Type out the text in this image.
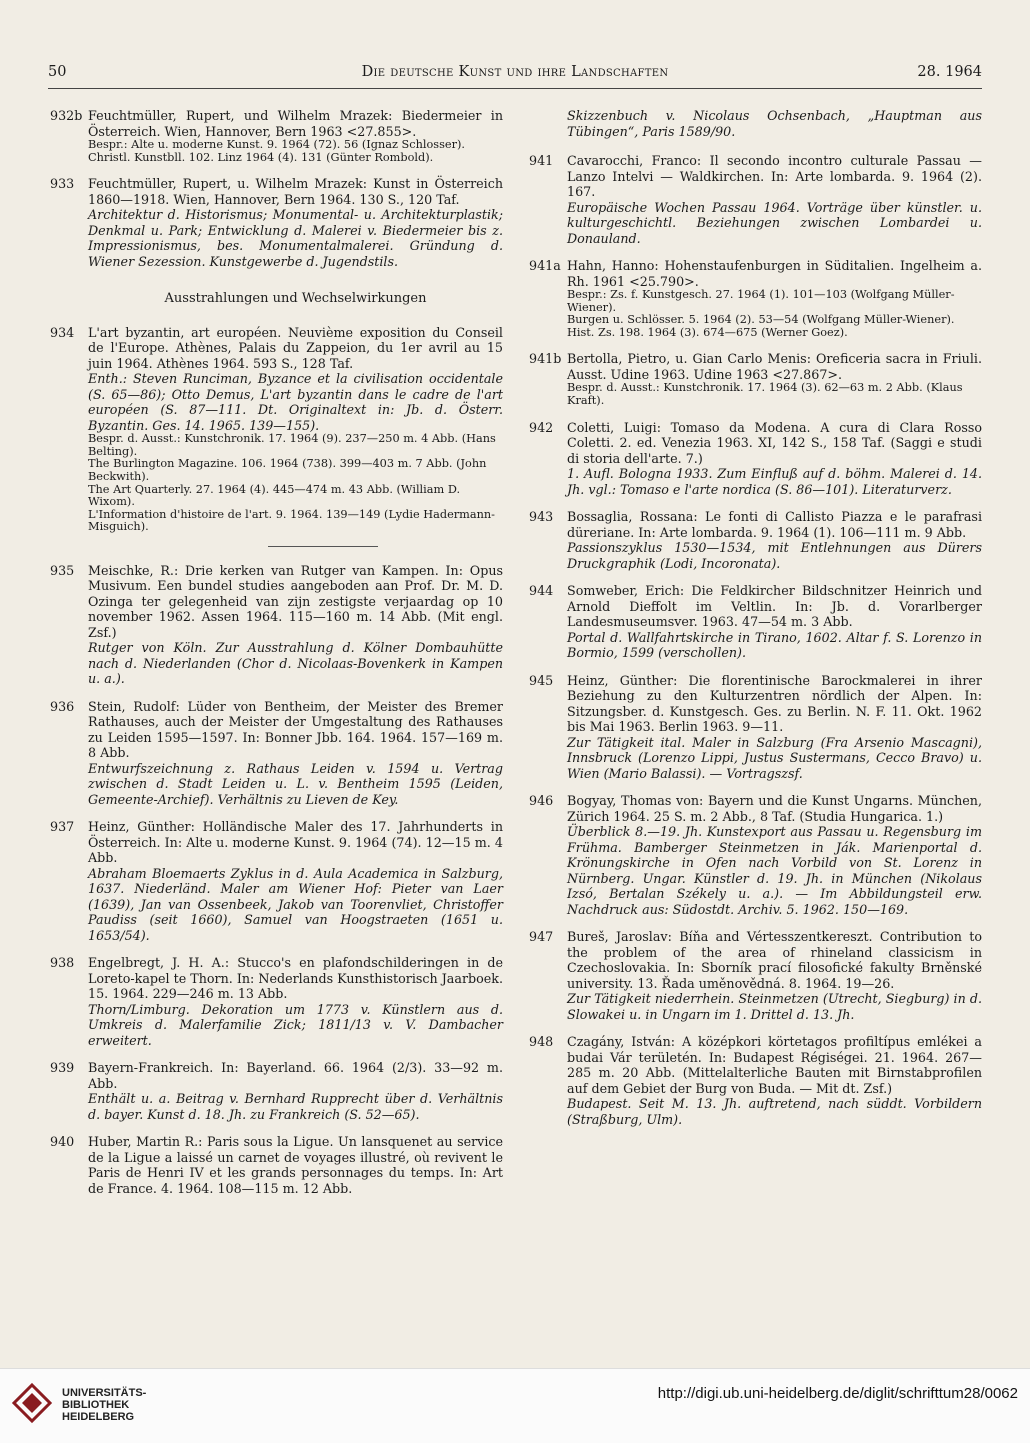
50	Die deutsche Kunst und ihre Landschaften	28. 1964
932b Feuchtmüller, Rupert, und Wilhelm Mrazek: Biedermeier in Österreich. Wien, Hannover, Bern 1963 <27.855>.
Bespr.: Alte u. moderne Kunst. 9. 1964 (72). 56 (Ignaz Schlosser).
Christl. Kunstbll. 102. Linz 1964 (4). 131 (Günter Rombold).
933	Feuchtmüller, Rupert, u. Wilhelm Mrazek: Kunst in Österreich 1860—1918. Wien, Hannover, Bern 1964. 130 S., 120 Taf.
Architektur d. Historismus; Monumental- u. Architekturplastik; Denkmal u. Park; Entwicklung d. Malerei v. Biedermeier bis z. Impressionismus, bes. Monumentalmalerei. Gründung d. Wiener Sezession. Kunstgewerbe d. Jugendstils.
Ausstrahlungen und Wechselwirkungen
934	L'art byzantin, art européen. Neuvième exposition du Conseil de l'Europe. Athènes, Palais du Zappeion, du 1er avril au 15 juin 1964. Athènes 1964. 593 S., 128 Taf.
Enth.: Steven Runciman, Byzance et la civilisation occidentale (S. 65—86); Otto Demus, L'art byzantin dans le cadre de l'art européen (S. 87—111. Dt. Originaltext in: Jb. d. Österr. Byzantin. Ges. 14. 1965. 139—155).
Bespr. d. Ausst.: Kunstchronik. 17. 1964 (9). 237—250 m. 4 Abb. (Hans Belting).
The Burlington Magazine. 106. 1964 (738). 399—403 m. 7 Abb. (John Beckwith).
The Art Quarterly. 27. 1964 (4). 445—474 m. 43 Abb. (William D. Wixom).
L'Information d'histoire de l'art. 9. 1964. 139—149 (Lydie Hadermann-Misguich).
935	Meischke, R.: Drie kerken van Rutger van Kampen. In: Opus Musivum. Een bundel studies aangeboden aan Prof. Dr. M. D. Ozinga ter gelegenheid van zijn zestigste verjaardag op 10 november 1962. Assen 1964. 115—160 m. 14 Abb. (Mit engl. Zsf.)
Rutger von Köln. Zur Ausstrahlung d. Kölner Dombauhütte nach d. Niederlanden (Chor d. Nicolaas-Bovenkerk in Kampen u. a.).
936	Stein, Rudolf: Lüder von Bentheim, der Meister des Bremer Rathauses, auch der Meister der Umgestaltung des Rathauses zu Leiden 1595—1597. In: Bonner Jbb. 164. 1964. 157—169 m. 8 Abb.
Entwurfszeichnung z. Rathaus Leiden v. 1594 u. Vertrag zwischen d. Stadt Leiden u. L. v. Bentheim 1595 (Leiden, Gemeente-Archief). Verhältnis zu Lieven de Key.
937	Heinz, Günther: Holländische Maler des 17. Jahrhunderts in Österreich. In: Alte u. moderne Kunst. 9. 1964 (74). 12—15 m. 4 Abb.
Abraham Bloemaerts Zyklus in d. Aula Academica in Salzburg, 1637. Niederländ. Maler am Wiener Hof: Pieter van Laer (1639), Jan van Ossenbeek, Jakob van Toorenvliet, Christoffer Paudiss (seit 1660), Samuel van Hoogstraeten (1651 u. 1653/54).
938	Engelbregt, J. H. A.: Stucco's en plafondschilderingen in de Loreto-kapel te Thorn. In: Nederlands Kunsthistorisch Jaarboek. 15. 1964. 229—246 m. 13 Abb.
Thorn/Limburg. Dekoration um 1773 v. Künstlern aus d. Umkreis d. Malerfamilie Zick; 1811/13 v. V. Dambacher erweitert.
939	Bayern-Frankreich. In: Bayerland. 66. 1964 (2/3). 33—92 m. Abb.
Enthält u. a. Beitrag v. Bernhard Rupprecht über d. Verhältnis d. bayer. Kunst d. 18. Jh. zu Frankreich (S. 52—65).
940	Huber, Martin R.: Paris sous la Ligue. Un lansquenet au service de la Ligue a laissé un carnet de voyages illustré, où revivent le Paris de Henri IV et les grands personnages du temps. In: Art de France. 4. 1964. 108—115 m. 12 Abb.
Skizzenbuch v. Nicolaus Ochsenbach, „Hauptman aus Tübingen“, Paris 1589/90.
941	Cavarocchi, Franco: Il secondo incontro culturale Passau — Lanzo Intelvi — Waldkirchen. In: Arte lombarda. 9. 1964 (2). 167.
Europäische Wochen Passau 1964. Vorträge über künstler. u. kulturgeschichtl. Beziehungen zwischen Lombardei u. Donauland.
941a Hahn, Hanno: Hohenstaufenburgen in Süditalien. Ingelheim a. Rh. 1961 <25.790>.
Bespr.: Zs. f. Kunstgesch. 27. 1964 (1). 101—103 (Wolfgang Müller-Wiener).
Burgen u. Schlösser. 5. 1964 (2). 53—54 (Wolfgang Müller-Wiener).
Hist. Zs. 198. 1964 (3). 674—675 (Werner Goez).
941b Bertolla, Pietro, u. Gian Carlo Menis: Oreficeria sacra in Friuli. Ausst. Udine 1963. Udine 1963 <27.867>.
Bespr. d. Ausst.: Kunstchronik. 17. 1964 (3). 62—63 m. 2 Abb. (Klaus Kraft).
942	Coletti, Luigi: Tomaso da Modena. A cura di Clara Rosso Coletti. 2. ed. Venezia 1963. XI, 142 S., 158 Taf. (Saggi e studi di storia dell'arte. 7.)
1. Aufl. Bologna 1933. Zum Einfluß auf d. böhm. Malerei d. 14. Jh. vgl.: Tomaso e l'arte nordica (S. 86—101). Literaturverz.
943	Bossaglia, Rossana: Le fonti di Callisto Piazza e le parafrasi düreriane. In: Arte lombarda. 9. 1964 (1). 106—111 m. 9 Abb.
Passionszyklus 1530—1534, mit Entlehnungen aus Dürers Druckgraphik (Lodi, Incoronata).
944	Somweber, Erich: Die Feldkircher Bildschnitzer Heinrich und Arnold Dieffolt im Veltlin. In: Jb. d. Vorarlberger Landesmuseumsver. 1963. 47—54 m. 3 Abb.
Portal d. Wallfahrtskirche in Tirano, 1602. Altar f. S. Lorenzo in Bormio, 1599 (verschollen).
945	Heinz, Günther: Die florentinische Barockmalerei in ihrer Beziehung zu den Kulturzentren nördlich der Alpen. In: Sitzungsber. d. Kunstgesch. Ges. zu Berlin. N. F. 11. Okt. 1962 bis Mai 1963. Berlin 1963. 9—11.
Zur Tätigkeit ital. Maler in Salzburg (Fra Arsenio Mascagni), Innsbruck (Lorenzo Lippi, Justus Sustermans, Cecco Bravo) u. Wien (Mario Balassi). — Vortragszsf.
946	Bogyay, Thomas von: Bayern und die Kunst Ungarns. München, Zürich 1964. 25 S. m. 2 Abb., 8 Taf. (Studia Hungarica. 1.)
Überblick 8.—19. Jh. Kunstexport aus Passau u. Regensburg im Frühma. Bamberger Steinmetzen in Ják. Marienportal d. Krönungskirche in Ofen nach Vorbild von St. Lorenz in Nürnberg. Ungar. Künstler d. 19. Jh. in München (Nikolaus Izsó, Bertalan Székely u. a.). — Im Abbildungsteil erw. Nachdruck aus: Südostdt. Archiv. 5. 1962. 150—169.
947	Bureš, Jaroslav: Bíňa and Vértesszentkereszt. Contribution to the problem of the area of rhineland classicism in Czechoslovakia. In: Sborník prací filosofické fakulty Brněnské university. 13. Řada uměnovědná. 8. 1964. 19—26.
Zur Tätigkeit niederrhein. Steinmetzen (Utrecht, Siegburg) in d. Slowakei u. in Ungarn im 1. Drittel d. 13. Jh.
948	Czagány, István: A középkori körtetagos profiltípus emlékei a budai Vár területén. In: Budapest Régiségei. 21. 1964. 267—285 m. 20 Abb. (Mittelalterliche Bauten mit Birnstabprofilen auf dem Gebiet der Burg von Buda. — Mit dt. Zsf.)
Budapest. Seit M. 13. Jh. auftretend, nach süddt. Vorbildern (Straßburg, Ulm).
UNIVERSITÄTS-
BIBLIOTHEK
HEIDELBERG
http://digi.ub.uni-heidelberg.de/diglit/schrifttum28/0062
